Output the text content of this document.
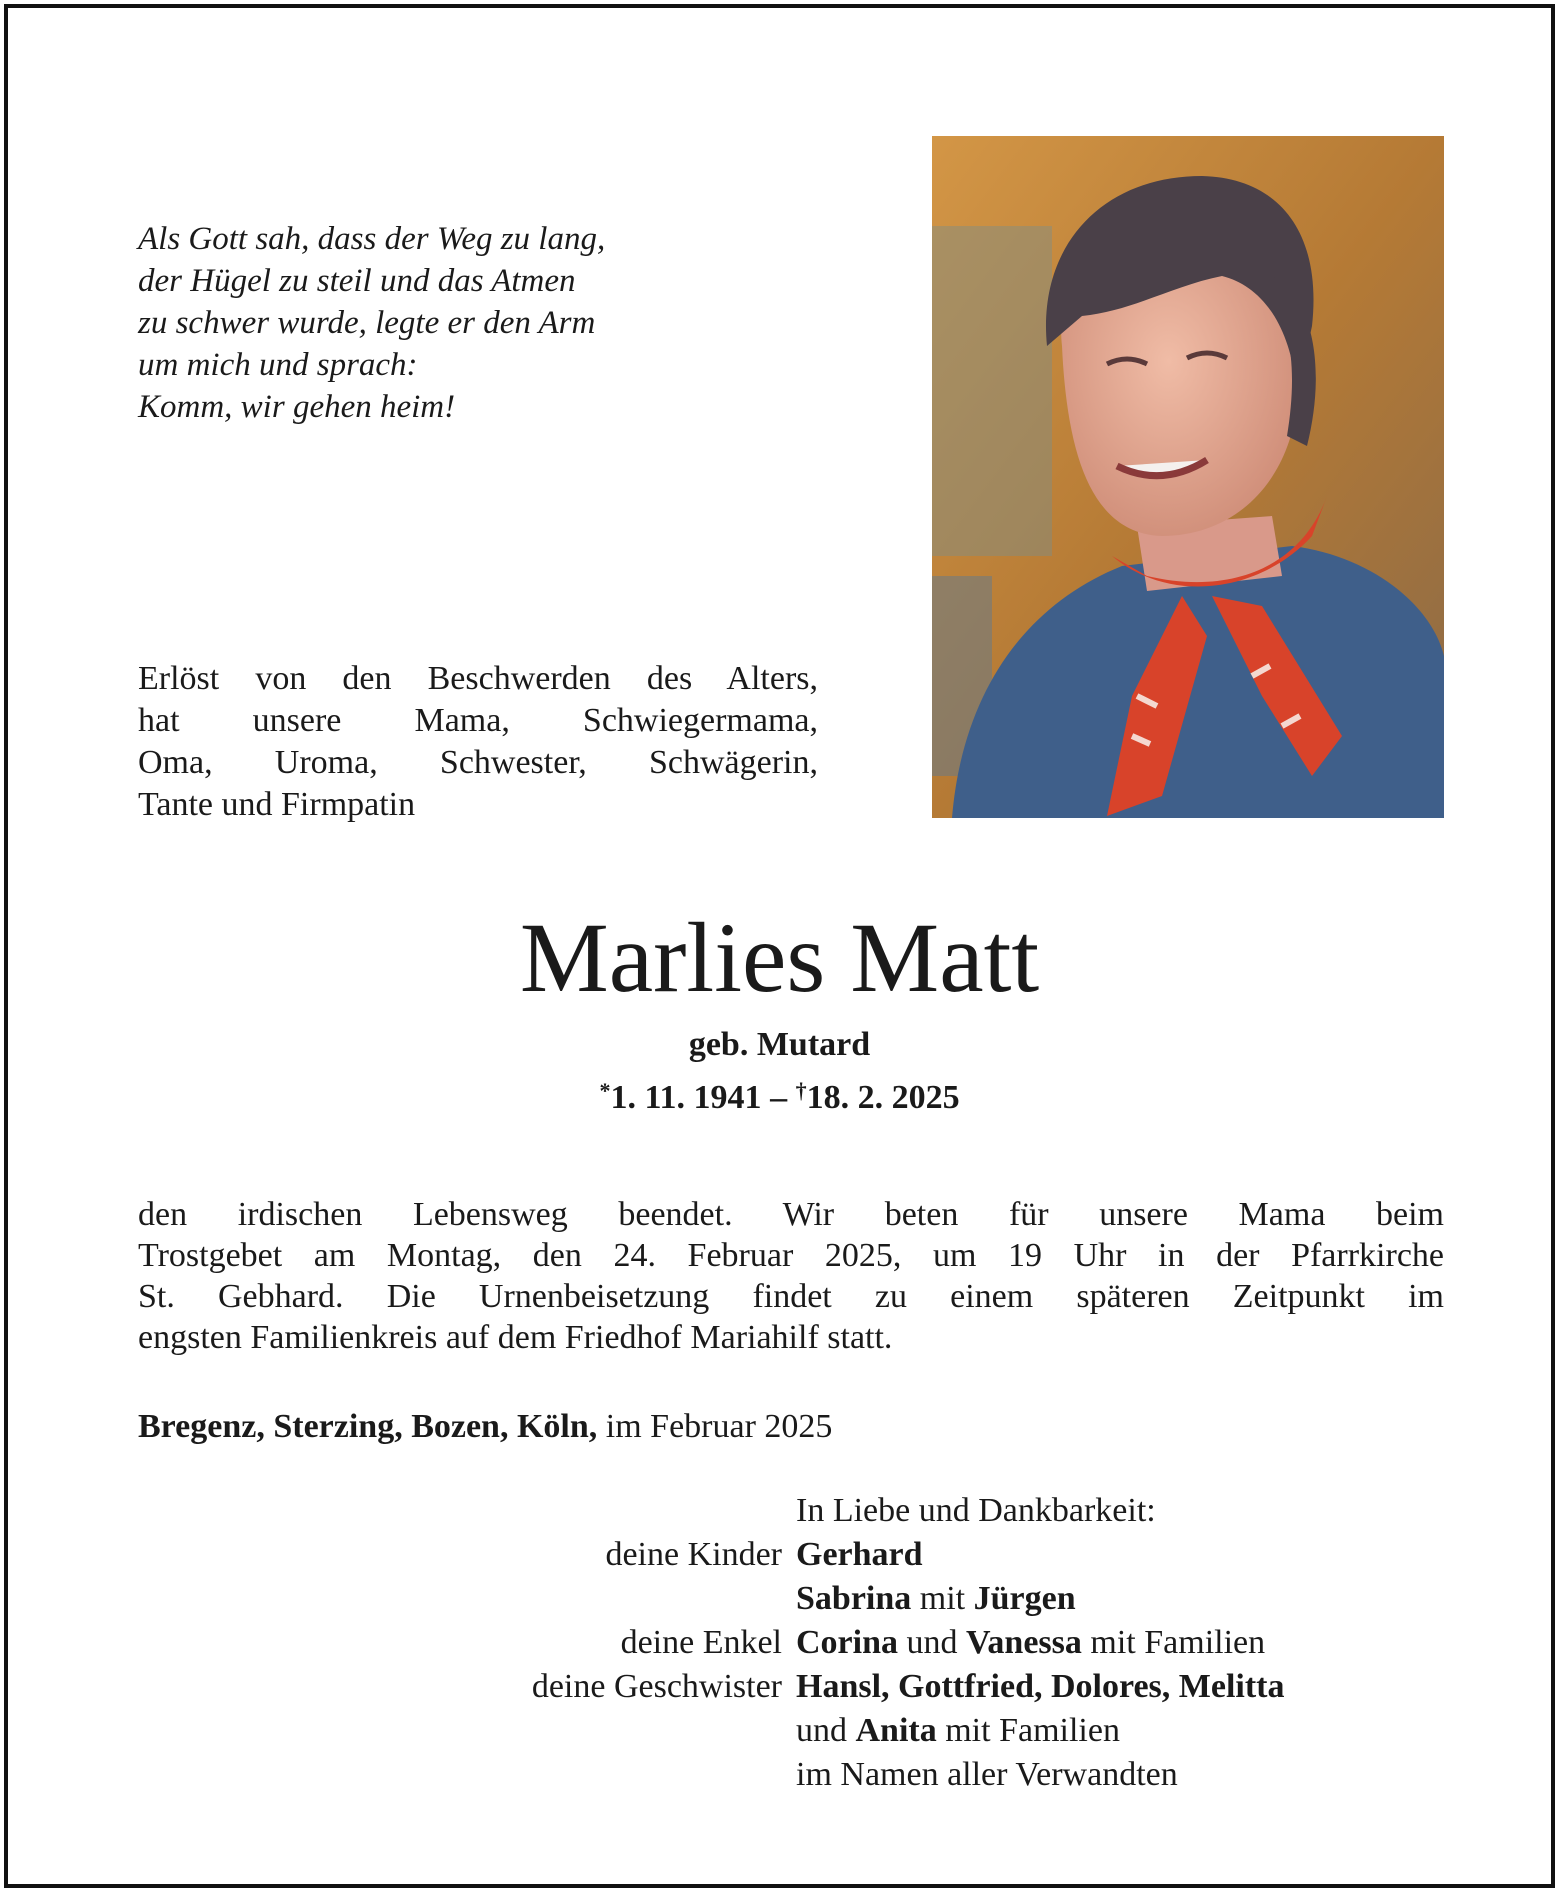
Als Gott sah, dass der Weg zu lang,
der Hügel zu steil und das Atmen
zu schwer wurde, legte er den Arm
um mich und sprach:
Komm, wir gehen heim!

Erlöst von den Beschwerden des Alters,
hat unsere Mama, Schwiegermama,
Oma, Uroma, Schwester, Schwägerin,
Tante und Firmpatin

Marlies Matt
geb. Mutard
*1. 11. 1941 – †18. 2. 2025

den irdischen Lebensweg beendet. Wir beten für unsere Mama beim
Trostgebet am Montag, den 24. Februar 2025, um 19 Uhr in der Pfarrkirche
St. Gebhard. Die Urnenbeisetzung findet zu einem späteren Zeitpunkt im
engsten Familienkreis auf dem Friedhof Mariahilf statt.

Bregenz, Sterzing, Bozen, Köln, im Februar 2025
In Liebe und Dankbarkeit:
deine Kinder Gerhard
Sabrina mit Jürgen
deine Enkel Corina und Vanessa mit Familien
deine Geschwister Hansl, Gottfried, Dolores, Melitta
und Anita mit Familien
im Namen aller Verwandten
